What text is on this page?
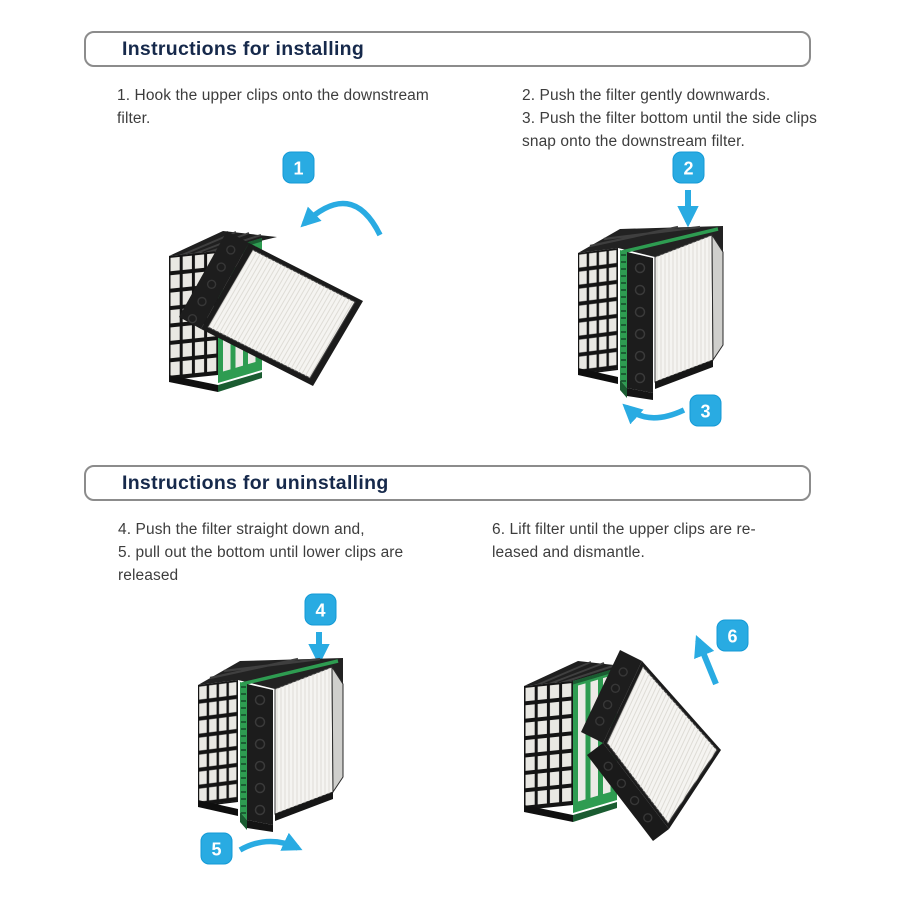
Instructions for installing
1. Hook the upper clips onto the downstream
filter.
2. Push the filter gently downwards.
3. Push the filter bottom until the side clips
snap onto the downstream filter.
1	2
3
Instructions for uninstalling
4. Push the filter straight down and,
5. pull out the bottom until lower clips are
released
6. Lift filter until the upper clips are re-
leased and dismantle.
4
5
6
